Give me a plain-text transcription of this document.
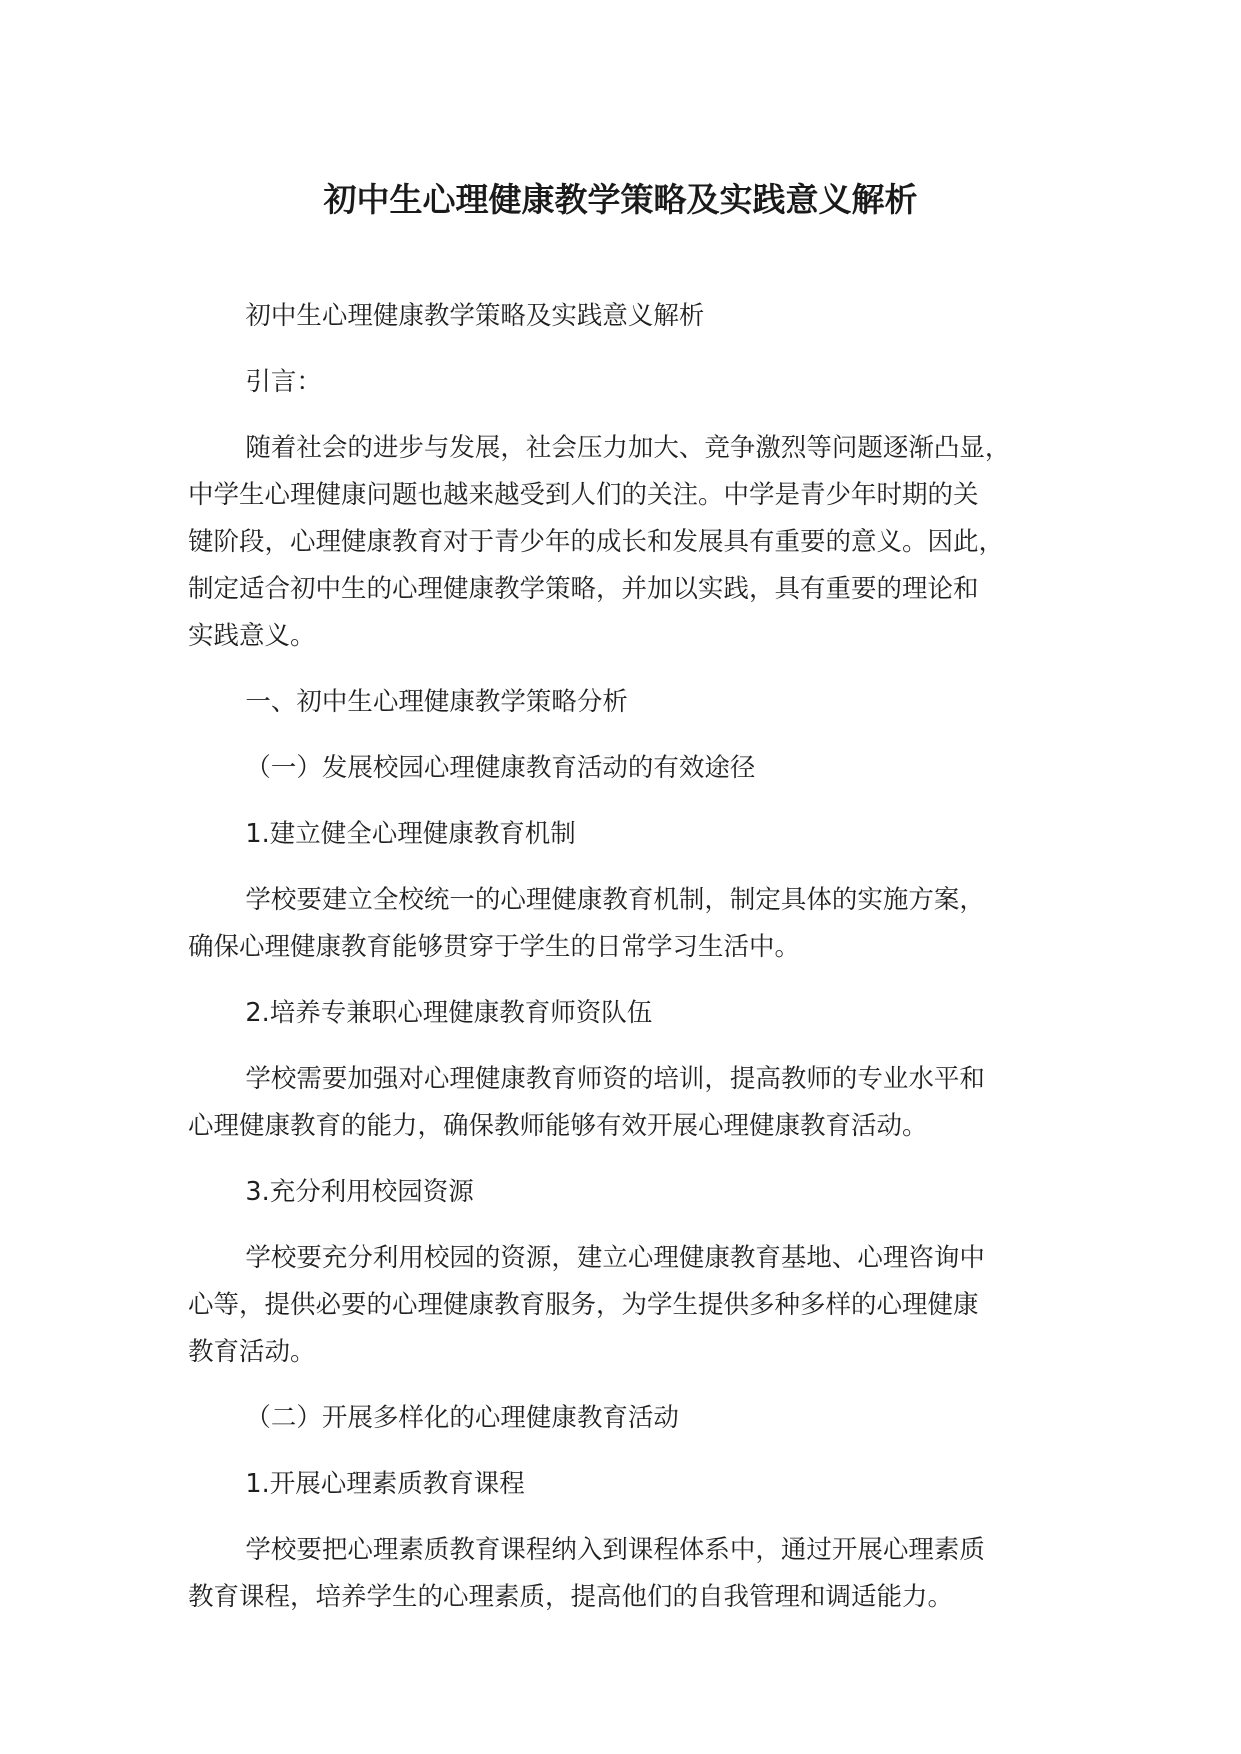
初中生心理健康教学策略及实践意义解析

初中生心理健康教学策略及实践意义解析

引言：

随着社会的进步与发展，社会压力加大、竞争激烈等问题逐渐凸显，
中学生心理健康问题也越来越受到人们的关注。中学是青少年时期的关
键阶段，心理健康教育对于青少年的成长和发展具有重要的意义。因此，
制定适合初中生的心理健康教学策略，并加以实践，具有重要的理论和
实践意义。

一、初中生心理健康教学策略分析

（一）发展校园心理健康教育活动的有效途径

1.建立健全心理健康教育机制

学校要建立全校统一的心理健康教育机制，制定具体的实施方案，
确保心理健康教育能够贯穿于学生的日常学习生活中。

2.培养专兼职心理健康教育师资队伍

学校需要加强对心理健康教育师资的培训，提高教师的专业水平和
心理健康教育的能力，确保教师能够有效开展心理健康教育活动。

3.充分利用校园资源

学校要充分利用校园的资源，建立心理健康教育基地、心理咨询中
心等，提供必要的心理健康教育服务，为学生提供多种多样的心理健康
教育活动。

（二）开展多样化的心理健康教育活动

1.开展心理素质教育课程

学校要把心理素质教育课程纳入到课程体系中，通过开展心理素质
教育课程，培养学生的心理素质，提高他们的自我管理和调适能力。
